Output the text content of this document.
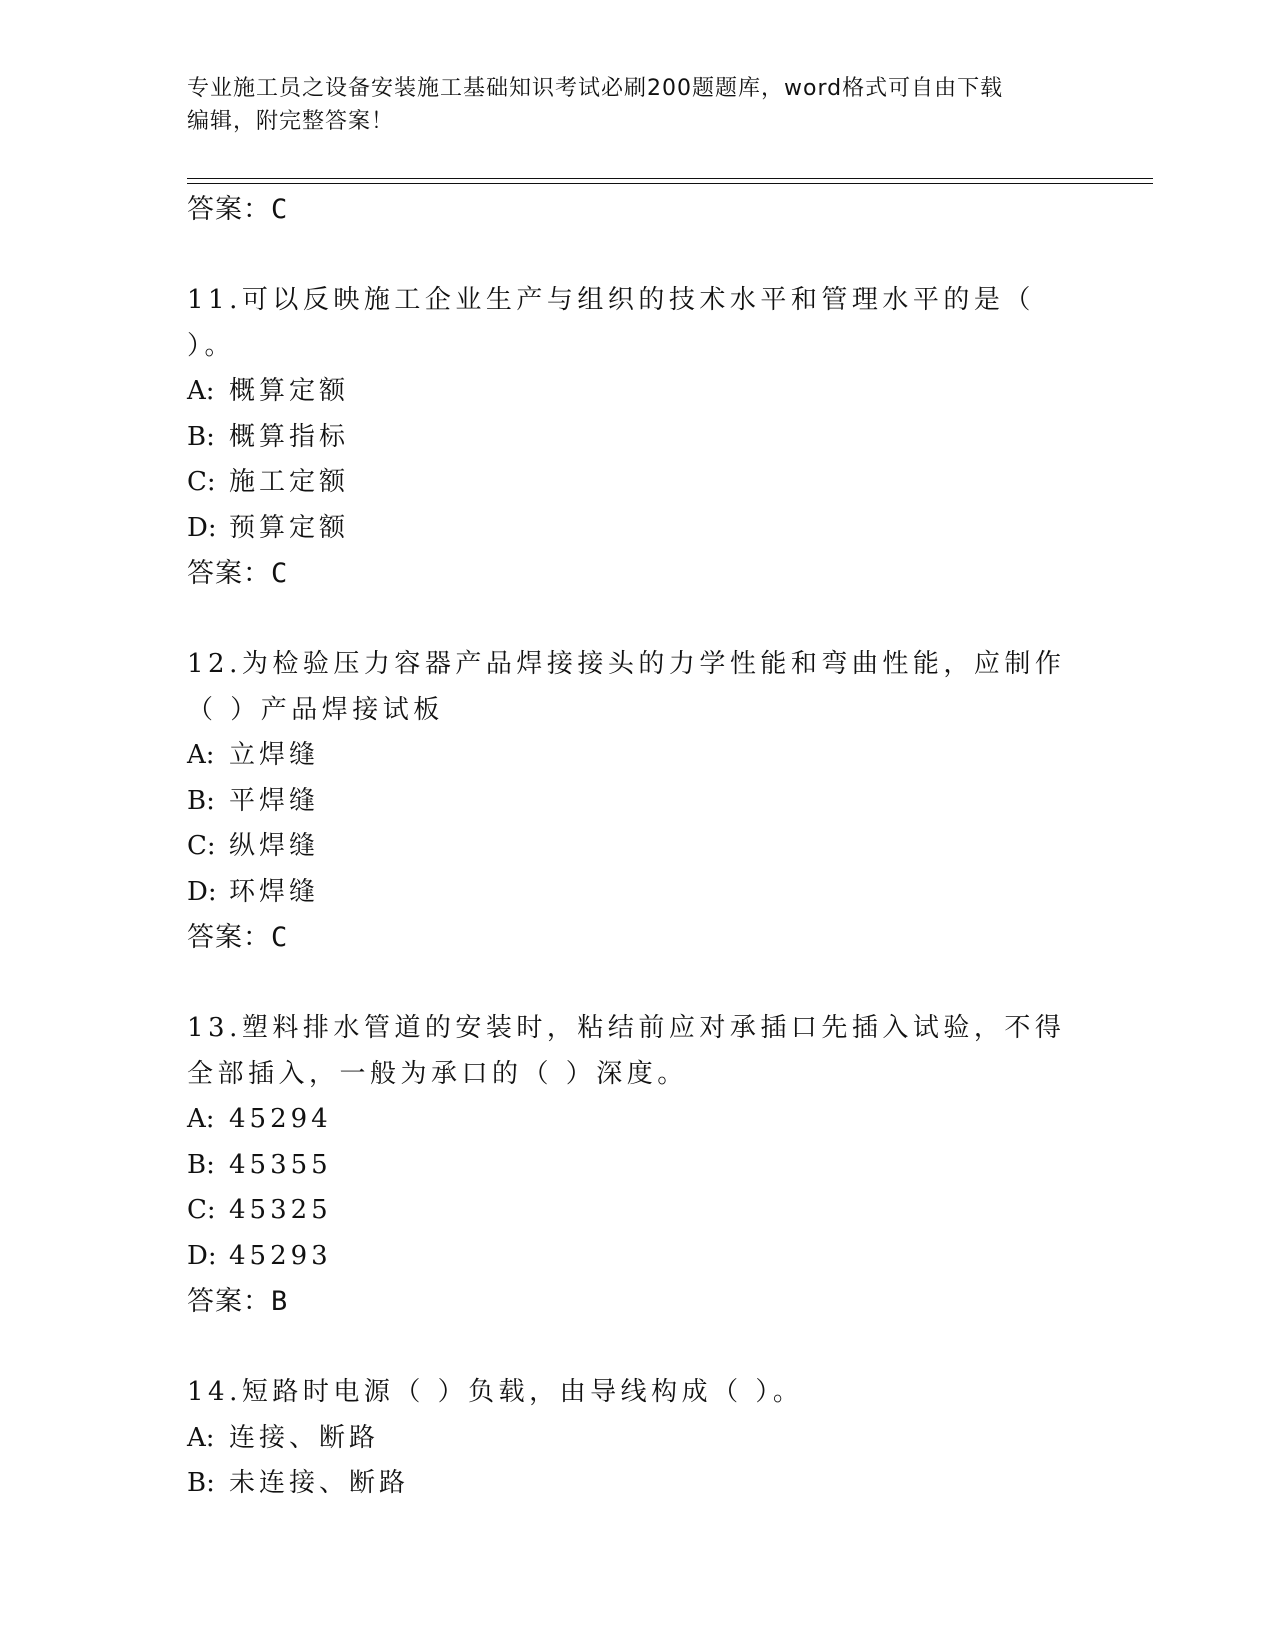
专业施工员之设备安装施工基础知识考试必刷200题题库，word格式可自由下载
编辑，附完整答案！
答案：C
11.可以反映施工企业生产与组织的技术水平和管理水平的是（ ）。
A: 概算定额
B: 概算指标
C: 施工定额
D: 预算定额
答案：C
12.为检验压力容器产品焊接接头的力学性能和弯曲性能，应制作（ ）产品焊接试板
A: 立焊缝
B: 平焊缝
C: 纵焊缝
D: 环焊缝
答案：C
13.塑料排水管道的安装时，粘结前应对承插口先插入试验，不得全部插入，一般为承口的（ ）深度。
A: 45294
B: 45355
C: 45325
D: 45293
答案：B
14.短路时电源（ ）负载，由导线构成（ ）。
A: 连接、断路
B: 未连接、断路
